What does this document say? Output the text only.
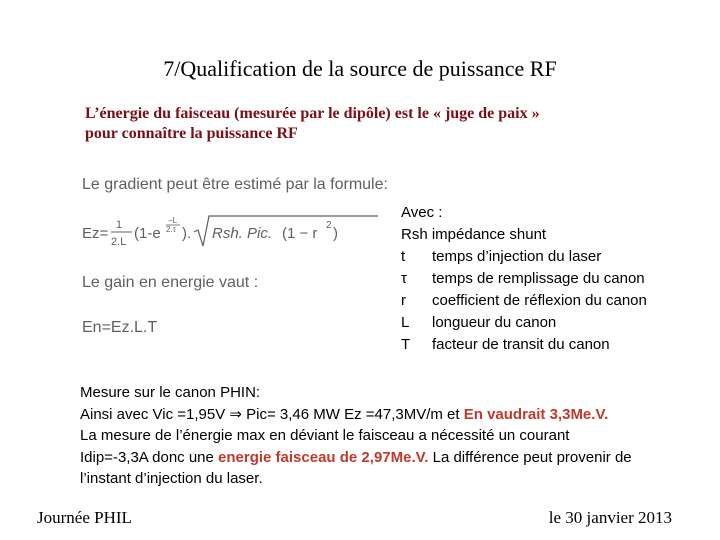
7/Qualification de la source de puissance RF
L’énergie du faisceau (mesurée par le dipôle) est le « juge de paix »
pour connaître la puissance RF
Le gradient peut être estimé par la formule:
Ez= 1
2.L (1-e
−L
2.τ ). Rsh. Pic. (1 − r 2 )
Le gain en energie vaut :
En=Ez.L.T
Avec :
Rsh impédance shunt
t	temps d’injection du laser
τ	temps de remplissage du canon
r	coefficient de réflexion du canon
L	longueur du canon
T	facteur de transit du canon
Mesure sur le canon PHIN:
Ainsi avec Vic =1,95V ⇒ Pic= 3,46 MW Ez =47,3MV/m et En vaudrait 3,3Me.V.
La mesure de l’énergie max en déviant le faisceau a nécessité un courant
Idip=-3,3A donc une energie faisceau de 2,97Me.V. La différence peut provenir de
l’instant d’injection du laser.
Journée PHIL	le 30 janvier 2013
